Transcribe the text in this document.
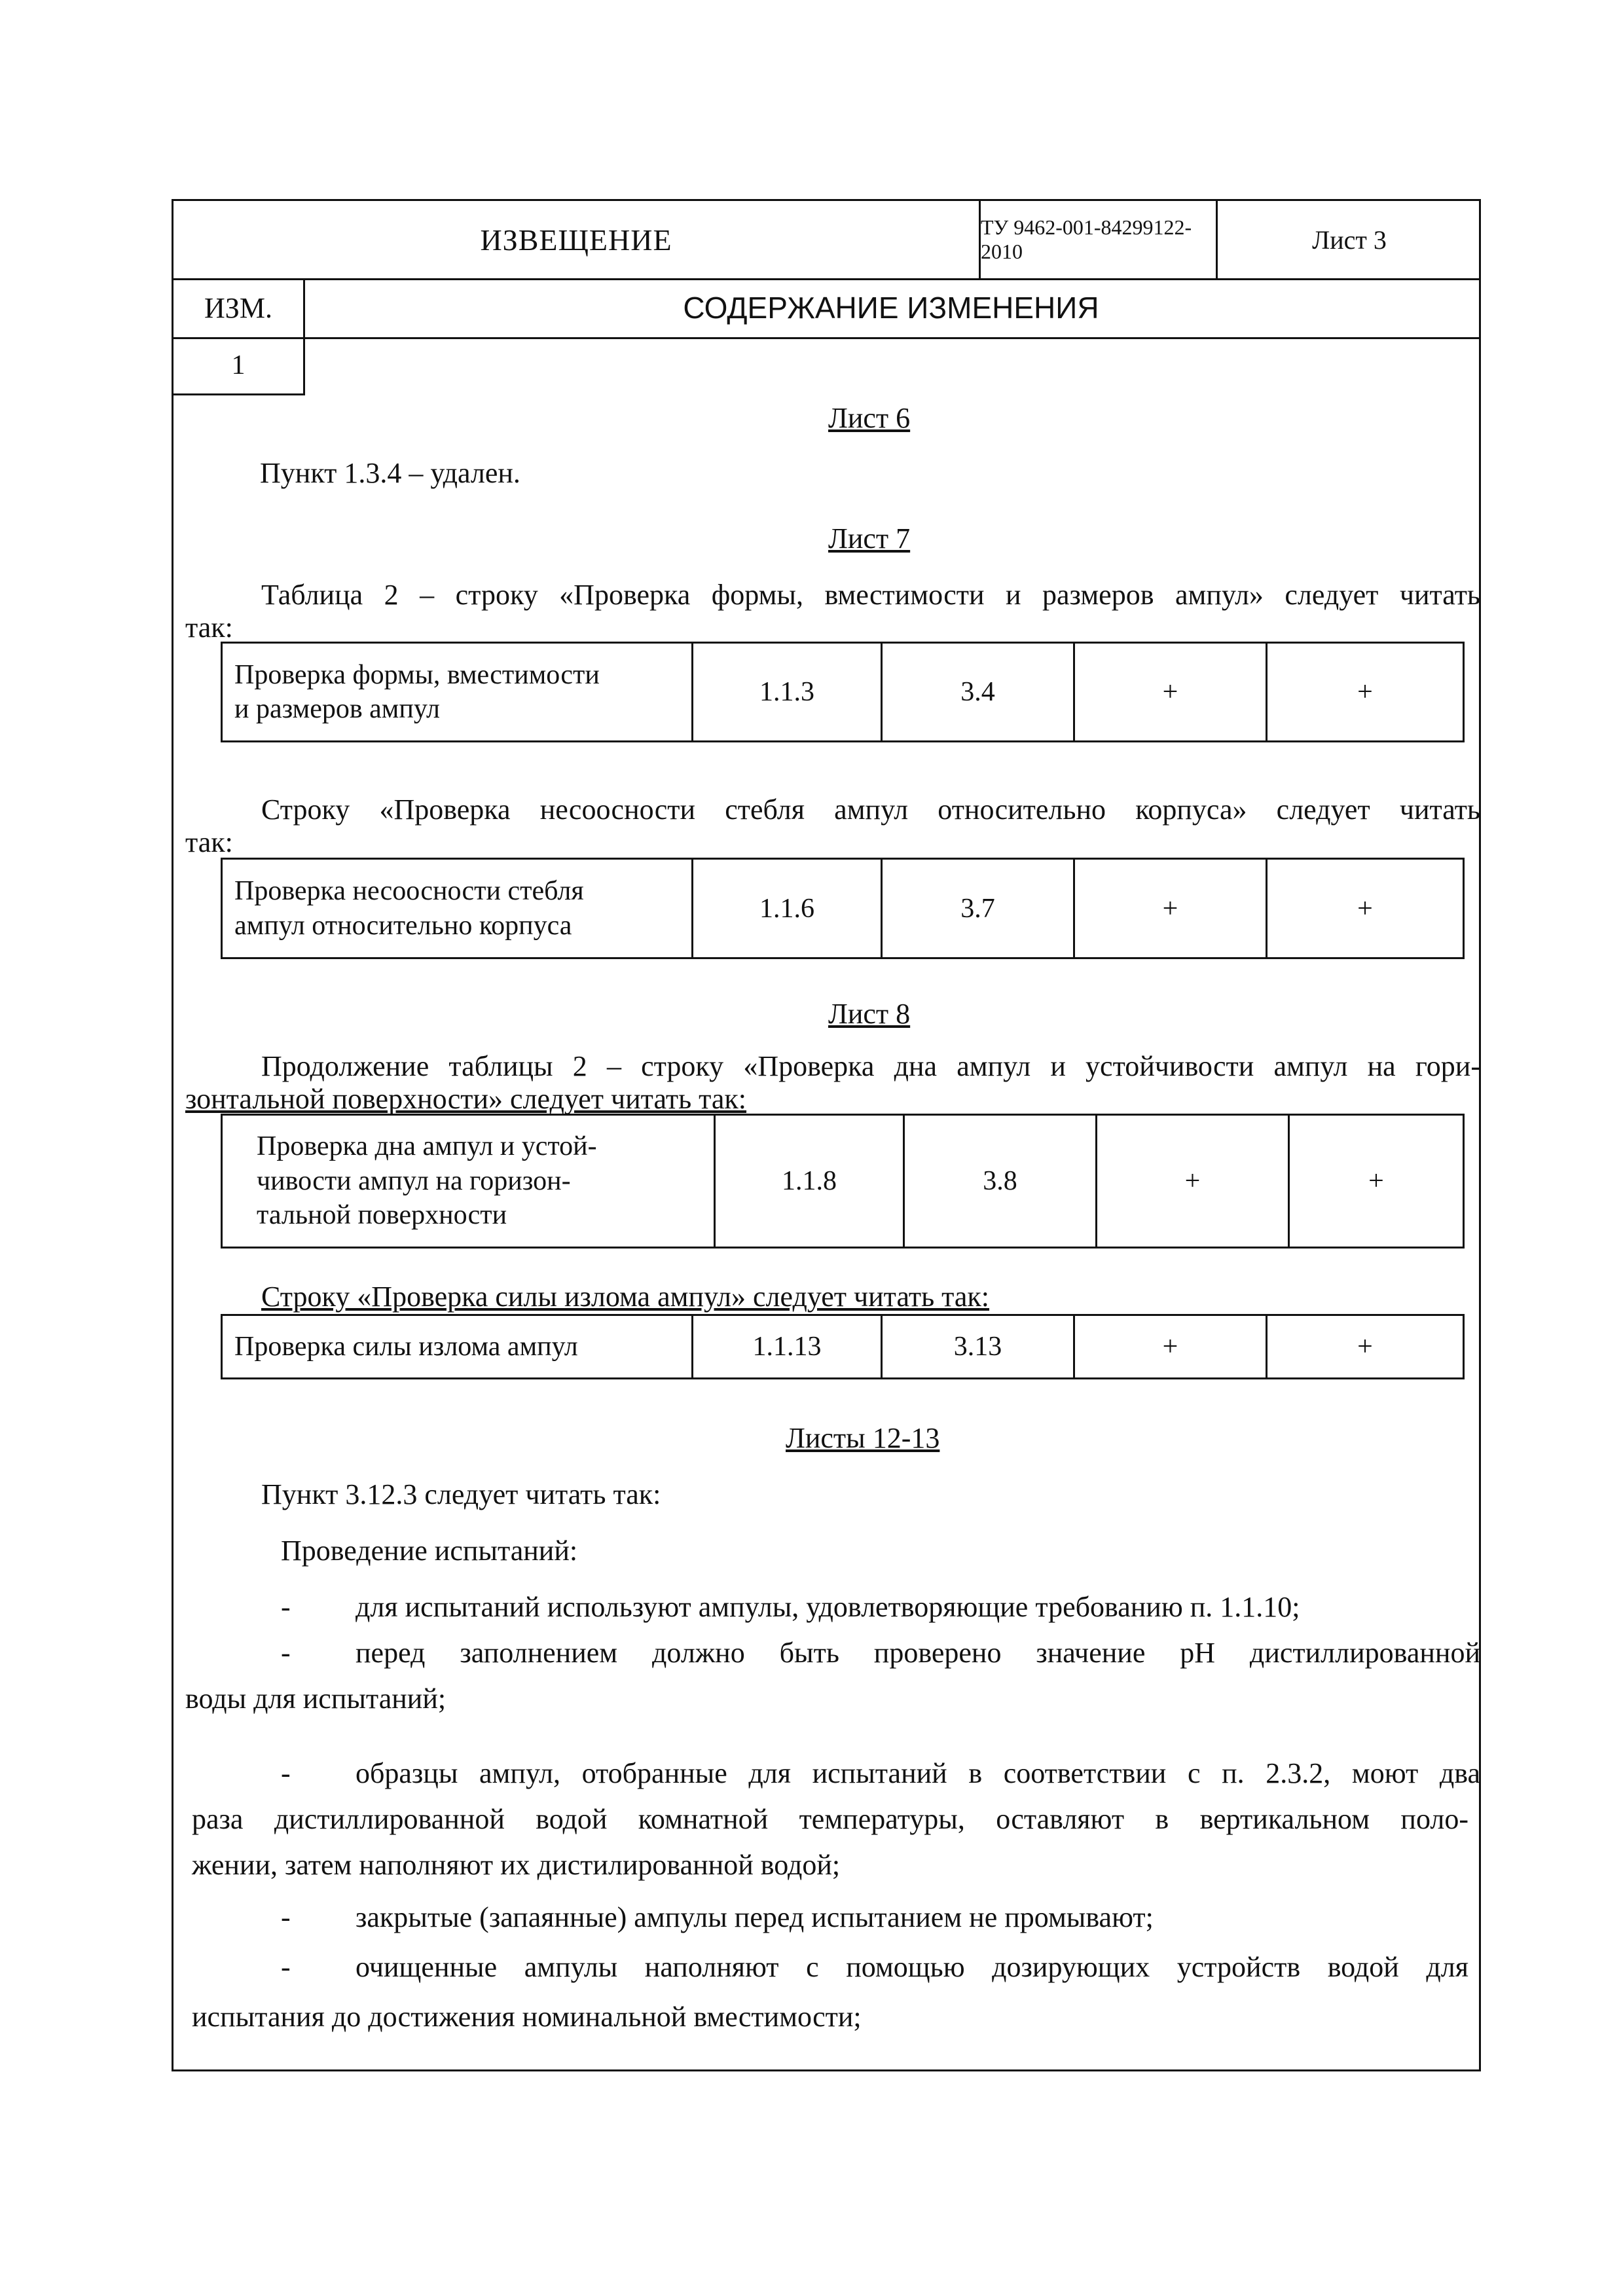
ИЗВЕЩЕНИЕ	ТУ 9462-001-84299122-2010	Лист 3
ИЗМ.	СОДЕРЖАНИЕ ИЗМЕНЕНИЯ
1
Лист 6
Пункт 1.3.4 – удален.
Лист 7
Таблица 2 – строку «Проверка формы, вместимости и размеров ампул» следует читать
так:
Проверка формы, вместимости
и размеров ампул
	1.1.3	3.4	+	+
Строку «Проверка несоосности стебля ампул относительно корпуса» следует читать
так:
Проверка несоосности стебля
ампул относительно корпуса
	1.1.6	3.7	+	+
Лист 8
Продолжение таблицы 2 – строку «Проверка дна ампул и устойчивости ампул на гори-
зонтальной поверхности» следует читать так:
Проверка дна ампул и устой-
чивости ампул на горизон-
тальной поверхности
	1.1.8	3.8	+	+
Строку «Проверка силы излома ампул» следует читать так:
Проверка силы излома ампул	1.1.13	3.13	+	+
Листы 12-13
Пункт 3.12.3 следует читать так:
Проведение испытаний:
- для испытаний используют ампулы, удовлетворяющие требованию п. 1.1.10;
- перед заполнением должно быть проверено значение pH дистиллированной
воды для испытаний;
- образцы ампул, отобранные для испытаний в соответствии с п. 2.3.2, моют два
раза дистиллированной водой комнатной температуры, оставляют в вертикальном поло-
жении, затем наполняют их дистилированной водой;
- закрытые (запаянные) ампулы перед испытанием не промывают;
- очищенные ампулы наполняют с помощью дозирующих устройств водой для
испытания до достижения номинальной вместимости;
